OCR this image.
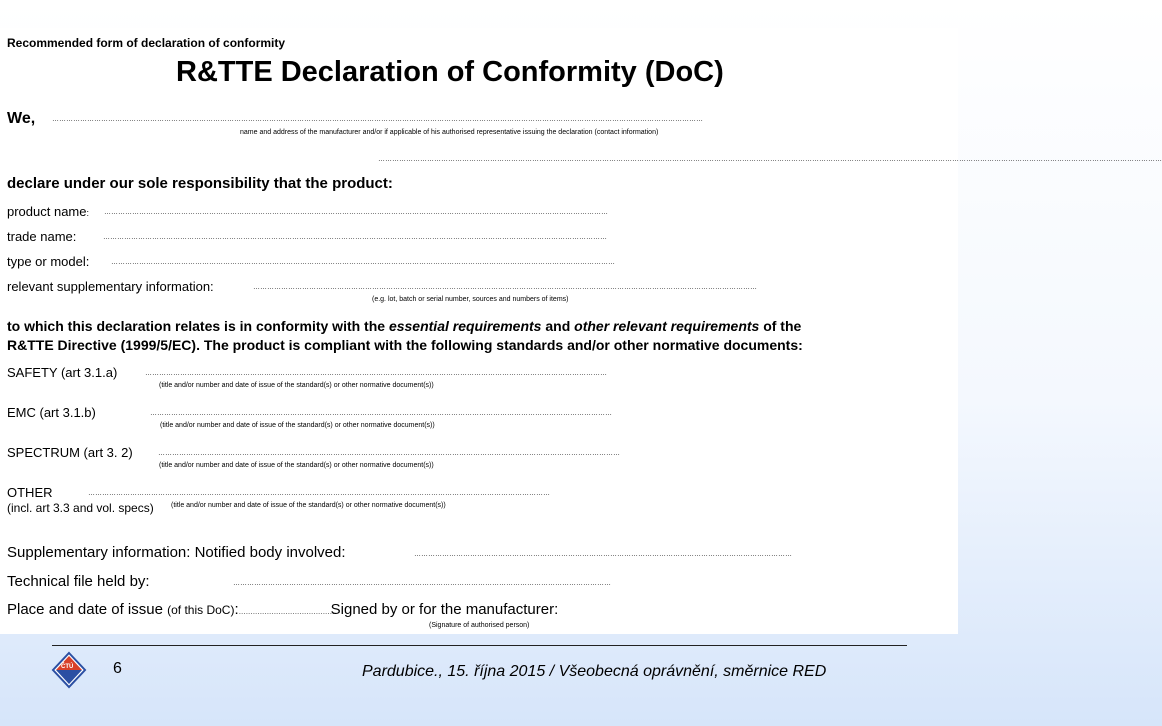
Recommended form of declaration of conformity
R&TTE Declaration of Conformity (DoC)
We, ………………………………………………………………………………………………………………………………………………………………………………………………………………………………………………………
name and address of the manufacturer and/or if applicable of his authorised representative issuing the declaration (contact information)
…………………………………………………………………………………………………………………………………………………………………………………………………………………………………………………………………………………………………………
declare under our sole responsibility that the product:
product name: ………………………………………………………………………………………………………………………………………………………………………………………………
trade name:	………………………………………………………………………………………………………………………………………………………………………………………………
type or model:	………………………………………………………………………………………………………………………………………………………………………………………………
relevant supplementary information:	………………………………………………………………………………………………………………………………………………………………………………………………
(e.g. lot, batch or serial number, sources and numbers of items)
to which this declaration relates is in conformity with the essential requirements and other relevant requirements of the
R&TTE Directive (1999/5/EC). The product is compliant with the following standards and/or other normative documents:
SAFETY (art 3.1.a)	………………………………………………………………………………………………………………………………………………………………………………
(title and/or number and date of issue of the standard(s) or other normative document(s))
EMC (art 3.1.b)	………………………………………………………………………………………………………………………………………………………………………………
(title and/or number and date of issue of the standard(s) or other normative document(s))
SPECTRUM (art 3. 2)	………………………………………………………………………………………………………………………………………………………………………………
(title and/or number and date of issue of the standard(s) or other normative document(s))
OTHER	………………………………………………………………………………………………………………………………………………………………………………
(incl. art 3.3 and vol. specs) (title and/or number and date of issue of the standard(s) or other normative document(s))
Supplementary information: Notified body involved:	………………………………………………………………………………………………………………………………………………
Technical file held by:	………………………………………………………………………………………………………………………………………………
Place and date of issue (of this DoC):……………………………………Signed by or for the manufacturer:
(Signature of authorised person)
ČTÚ 6	Pardubice., 15. října 2015 / Všeobecná oprávnění, směrnice RED
